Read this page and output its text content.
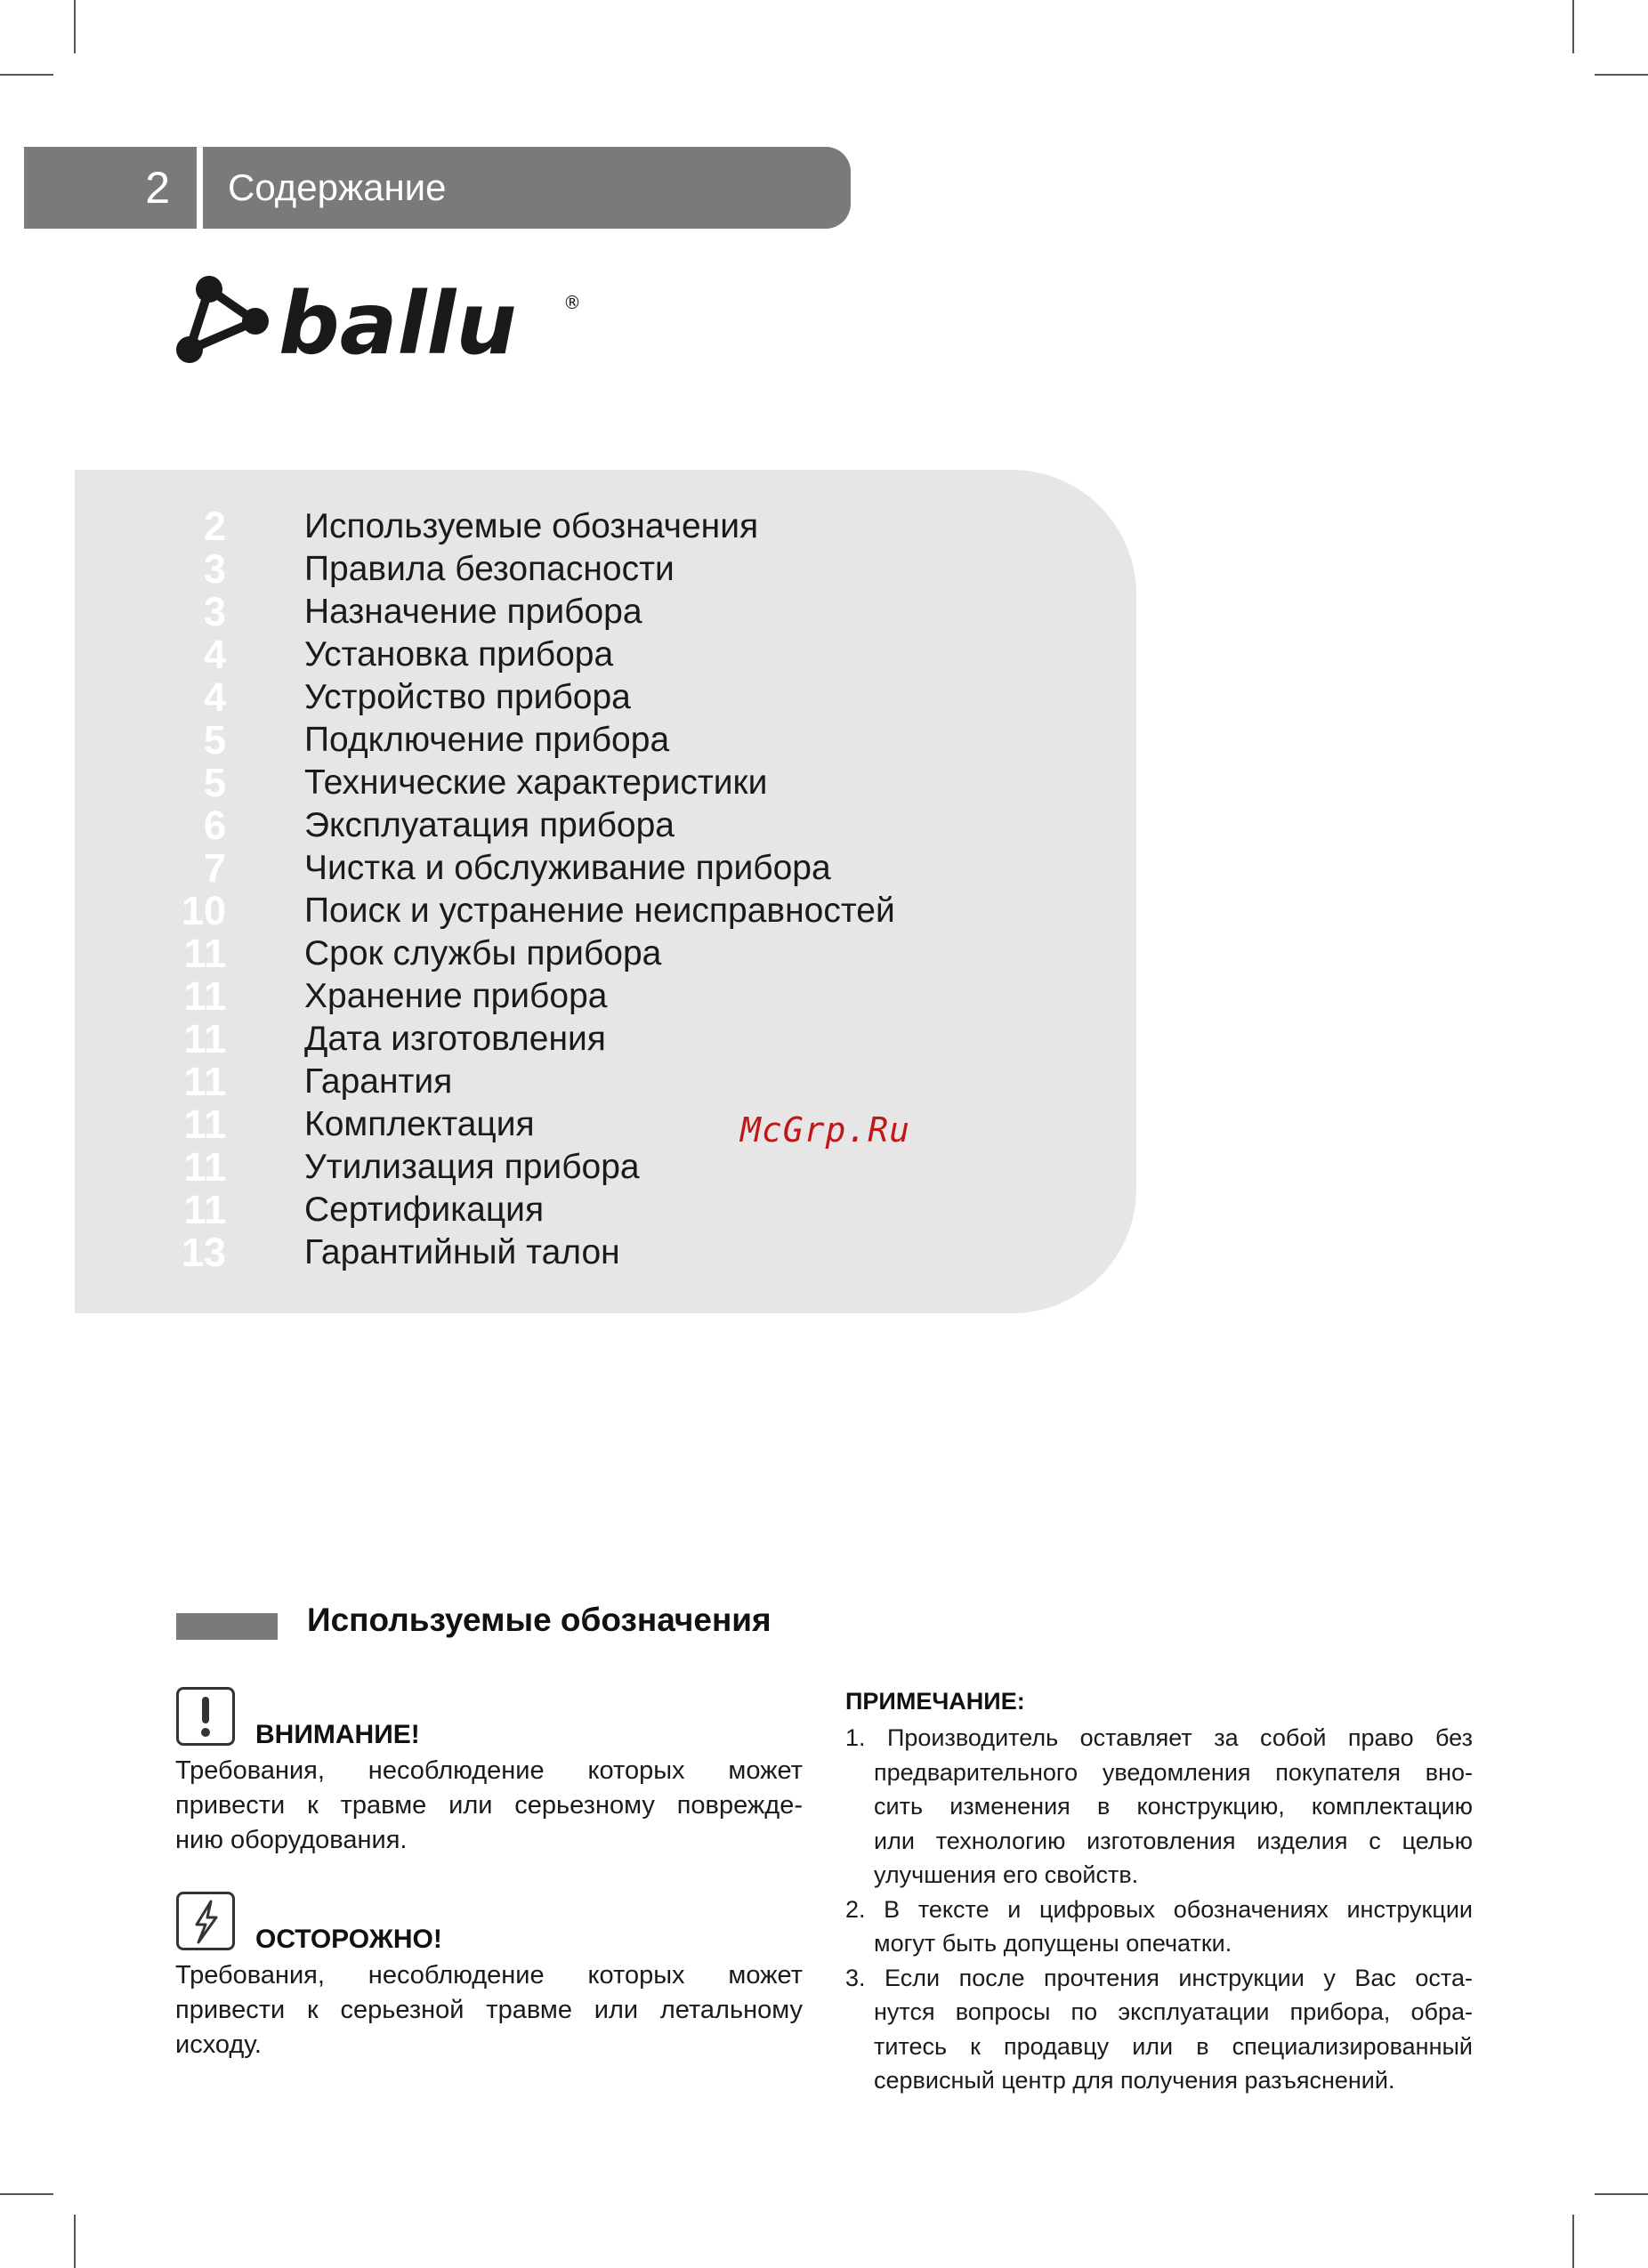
2	Содержание
ballu	®
2 Используемые обозначения
3 Правила безопасности
3 Назначение прибора
4 Установка прибора
4 Устройство прибора
5 Подключение прибора
5 Технические характеристики
6 Эксплуатация прибора
7 Чистка и обслуживание прибора
10 Поиск и устранение неисправностей
11 Срок службы прибора
11 Хранение прибора
11 Дата изготовления
11 Гарантия
11 Комплектация
11 Утилизация прибора
11 Сертификация
13 Гарантийный талон
McGrp.Ru
Используемые обозначения
ВНИМАНИЕ!
Требования, несоблюдение которых может
привести к травме или серьезному поврежде-
нию оборудования.
ОСТОРОЖНО!
Требования, несоблюдение которых может
привести к серьезной травме или летальному
исходу.
ПРИМЕЧАНИЕ:
1. Производитель оставляет за собой право без
предварительного уведомления покупателя вно-
сить изменения в конструкцию, комплектацию
или технологию изготовления изделия с целью
улучшения его свойств.
2. В тексте и цифровых обозначениях инструкции
могут быть допущены опечатки.
3. Если после прочтения инструкции у Вас оста-
нутся вопросы по эксплуатации прибора, обра-
титесь к продавцу или в специализированный
сервисный центр для получения разъяснений.
